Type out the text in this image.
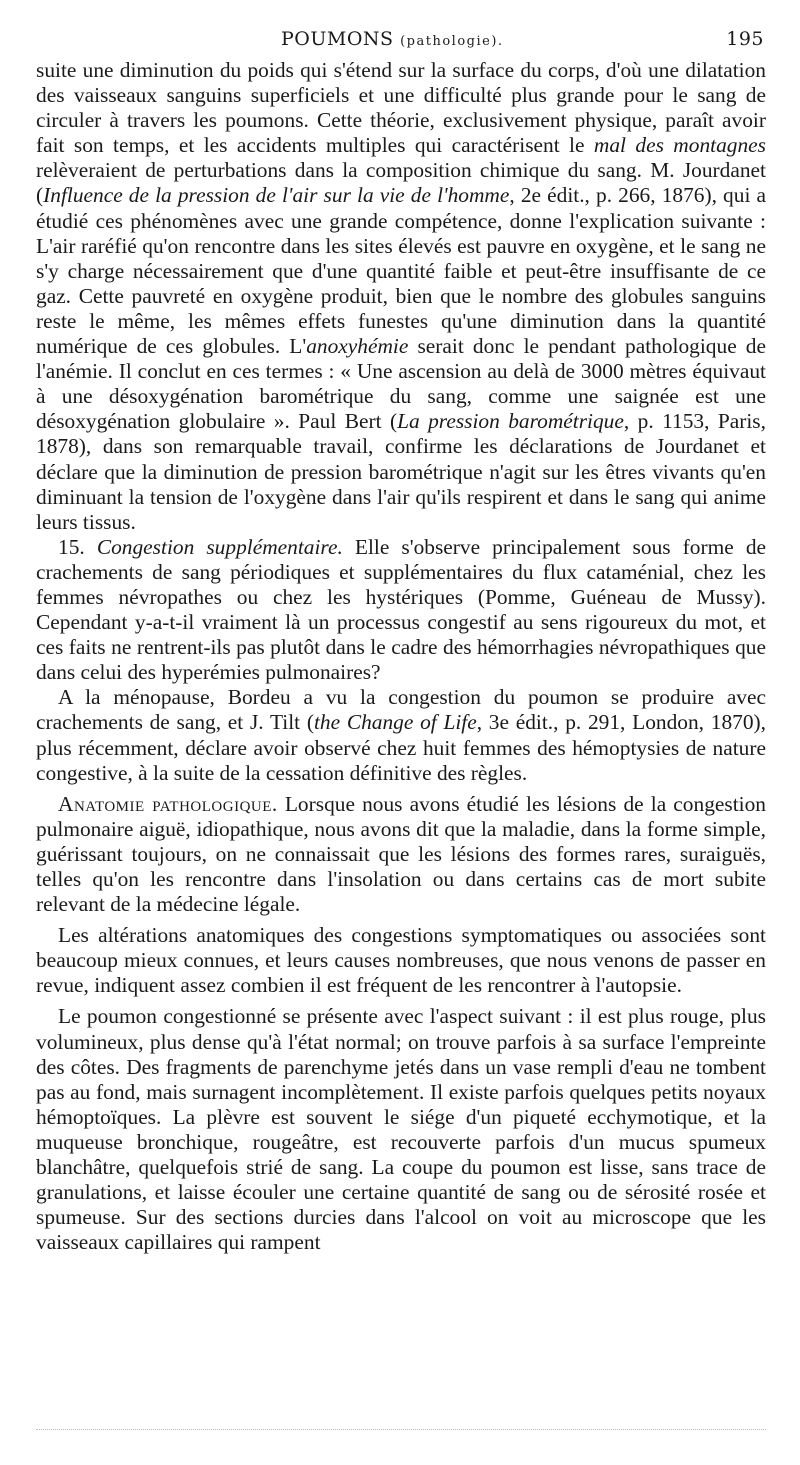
POUMONS (pathologie).	195

suite une diminution du poids qui s'étend sur la surface du corps, d'où une dilatation des vaisseaux sanguins superficiels et une difficulté plus grande pour le sang de circuler à travers les poumons. Cette théorie, exclusivement physique, paraît avoir fait son temps, et les accidents multiples qui caractérisent le mal des montagnes relèveraient de perturbations dans la composition chimique du sang. M. Jourdanet (Influence de la pression de l'air sur la vie de l'homme, 2e édit., p. 266, 1876), qui a étudié ces phénomènes avec une grande compétence, donne l'explication suivante : L'air raréfié qu'on rencontre dans les sites élevés est pauvre en oxygène, et le sang ne s'y charge nécessairement que d'une quantité faible et peut-être insuffisante de ce gaz. Cette pauvreté en oxygène produit, bien que le nombre des globules sanguins reste le même, les mêmes effets funestes qu'une diminution dans la quantité numérique de ces globules. L'anoxyhémie serait donc le pendant pathologique de l'anémie. Il conclut en ces termes : « Une ascension au delà de 3000 mètres équivaut à une désoxygénation barométrique du sang, comme une saignée est une désoxygénation globulaire ». Paul Bert (La pression barométrique, p. 1153, Paris, 1878), dans son remarquable travail, confirme les déclarations de Jourdanet et déclare que la diminution de pression barométrique n'agit sur les êtres vivants qu'en diminuant la tension de l'oxygène dans l'air qu'ils respirent et dans le sang qui anime leurs tissus.

15. Congestion supplémentaire. Elle s'observe principalement sous forme de crachements de sang périodiques et supplémentaires du flux cataménial, chez les femmes névropathes ou chez les hystériques (Pomme, Guéneau de Mussy). Cependant y-a-t-il vraiment là un processus congestif au sens rigoureux du mot, et ces faits ne rentrent-ils pas plutôt dans le cadre des hémorrhagies névropathiques que dans celui des hyperémies pulmonaires?

A la ménopause, Bordeu a vu la congestion du poumon se produire avec crachements de sang, et J. Tilt (the Change of Life, 3e édit., p. 291, London, 1870), plus récemment, déclare avoir observé chez huit femmes des hémoptysies de nature congestive, à la suite de la cessation définitive des règles.

Anatomie pathologique. Lorsque nous avons étudié les lésions de la congestion pulmonaire aiguë, idiopathique, nous avons dit que la maladie, dans la forme simple, guérissant toujours, on ne connaissait que les lésions des formes rares, suraiguës, telles qu'on les rencontre dans l'insolation ou dans certains cas de mort subite relevant de la médecine légale.

Les altérations anatomiques des congestions symptomatiques ou associées sont beaucoup mieux connues, et leurs causes nombreuses, que nous venons de passer en revue, indiquent assez combien il est fréquent de les rencontrer à l'autopsie.

Le poumon congestionné se présente avec l'aspect suivant : il est plus rouge, plus volumineux, plus dense qu'à l'état normal; on trouve parfois à sa surface l'empreinte des côtes. Des fragments de parenchyme jetés dans un vase rempli d'eau ne tombent pas au fond, mais surnagent incomplètement. Il existe parfois quelques petits noyaux hémoptoïques. La plèvre est souvent le siége d'un piqueté ecchymotique, et la muqueuse bronchique, rougeâtre, est recouverte parfois d'un mucus spumeux blanchâtre, quelquefois strié de sang. La coupe du poumon est lisse, sans trace de granulations, et laisse écouler une certaine quantité de sang ou de sérosité rosée et spumeuse. Sur des sections durcies dans l'alcool on voit au microscope que les vaisseaux capillaires qui rampent
